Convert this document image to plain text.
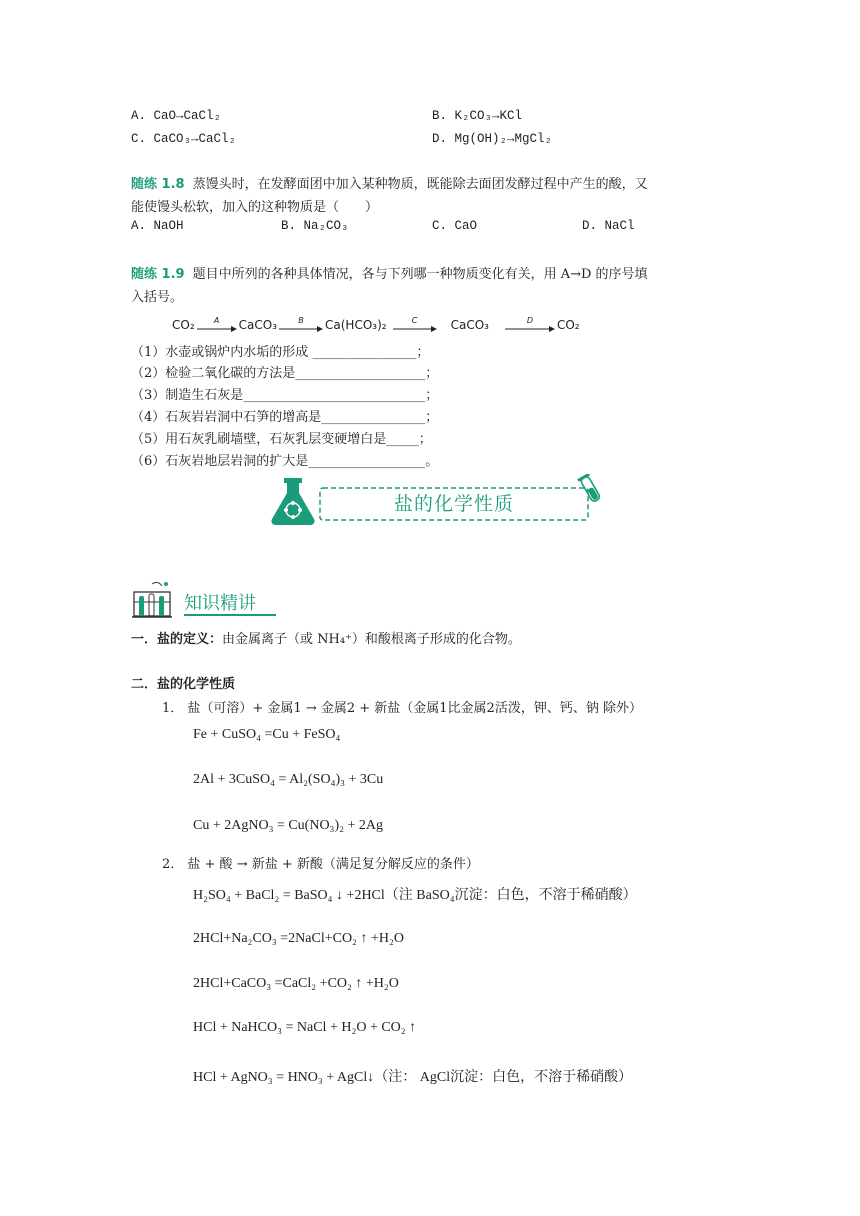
A. CaO→CaCl₂	B. K₂CO₃→KCl
C. CaCO₃→CaCl₂	D. Mg(OH)₂→MgCl₂
随练 1.8 蒸馒头时，在发酵面团中加入某种物质，既能除去面团发酵过程中产生的酸，又
能使馒头松软，加入的这种物质是（　　）
A. NaOH	B. Na₂CO₃	C. CaO	D. NaCl
随练 1.9 题目中所列的各种具体情况，各与下列哪一种物质变化有关，用 A→D 的序号填
入括号。
CO₂ A CaCO₃	B Ca(HCO₃)₂	C	CaCO₃	D CO₂
（1）水壶或锅炉内水垢的形成 ________________；
（2）检验二氧化碳的方法是____________________；
（3）制造生石灰是____________________________；
（4）石灰岩岩洞中石笋的增高是________________；
（5）用石灰乳刷墙壁，石灰乳层变硬增白是_____；
（6）石灰岩地层岩洞的扩大是__________________。
盐的化学性质
知识精讲
一．盐的定义：由金属离子（或 NH₄⁺）和酸根离子形成的化合物。
二．盐的化学性质
1． 盐（可溶）+ 金属1 → 金属2 + 新盐（金属1比金属2活泼，钾、钙、钠 除外）
Fe + CuSO₄ =Cu + FeSO₄
2Al + 3CuSO₄ = Al₂(SO₄)₃ + 3Cu
Cu + 2AgNO₃ = Cu(NO₃)₂ + 2Ag
2． 盐 + 酸 → 新盐 + 新酸（满足复分解反应的条件）
H₂SO₄ + BaCl₂ = BaSO₄ ↓ +2HCl（注 BaSO₄沉淀：白色，不溶于稀硝酸）
2HCl+Na₂CO₃ =2NaCl+CO₂ ↑ +H₂O
2HCl+CaCO₃ =CaCl₂ +CO₂ ↑ +H₂O
HCl + NaHCO₃ = NaCl + H₂O + CO₂ ↑
HCl + AgNO₃ = HNO₃ + AgCl↓（注： AgCl沉淀：白色，不溶于稀硝酸）
